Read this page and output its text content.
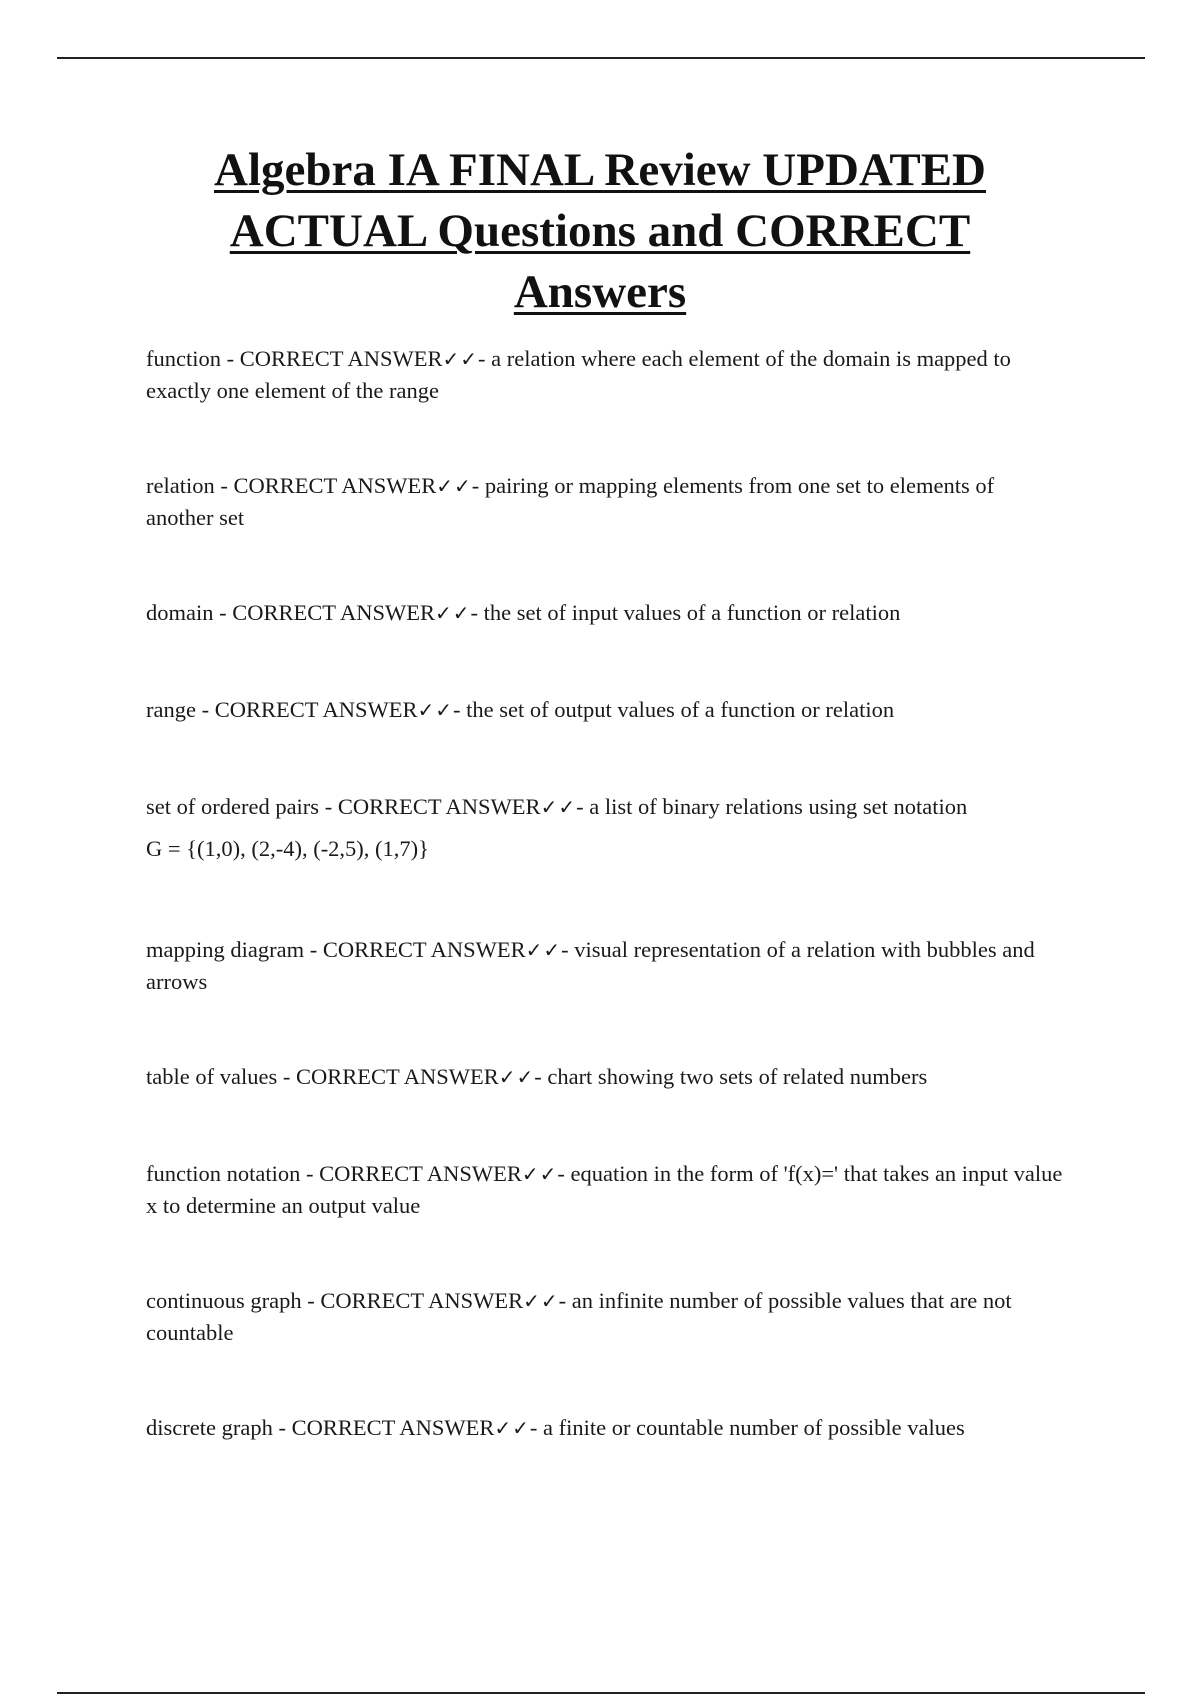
Algebra IA FINAL Review UPDATED
ACTUAL Questions and CORRECT
Answers
function - CORRECT ANSWER✓✓- a relation where each element of the domain is mapped to exactly one element of the range
relation - CORRECT ANSWER✓✓- pairing or mapping elements from one set to elements of another set
domain - CORRECT ANSWER✓✓- the set of input values of a function or relation
range - CORRECT ANSWER✓✓- the set of output values of a function or relation
set of ordered pairs - CORRECT ANSWER✓✓- a list of binary relations using set notation
G = {(1,0), (2,-4), (-2,5), (1,7)}
mapping diagram - CORRECT ANSWER✓✓- visual representation of a relation with bubbles and arrows
table of values - CORRECT ANSWER✓✓- chart showing two sets of related numbers
function notation - CORRECT ANSWER✓✓- equation in the form of 'f(x)=' that takes an input value x to determine an output value
continuous graph - CORRECT ANSWER✓✓- an infinite number of possible values that are not countable
discrete graph - CORRECT ANSWER✓✓- a finite or countable number of possible values
